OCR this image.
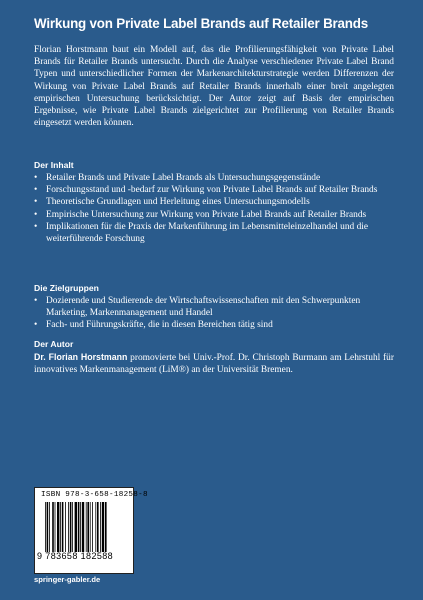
Wirkung von Private Label Brands auf Retailer Brands

Florian Horstmann baut ein Modell auf, das die Profilierungsfähigkeit von Private Label Brands für Retailer Brands untersucht. Durch die Analyse verschiedener Private Label Brand Typen und unterschiedlicher Formen der Markenarchitekturstrategie werden Differenzen der Wirkung von Private Label Brands auf Retailer Brands innerhalb einer breit angelegten empirischen Untersuchung berücksichtigt. Der Autor zeigt auf Basis der empirischen Ergebnisse, wie Private Label Brands zielgerichtet zur Profilierung von Retailer Brands eingesetzt werden können.

Der Inhalt
• Retailer Brands und Private Label Brands als Untersuchungsgegenstände
• Forschungsstand und -bedarf zur Wirkung von Private Label Brands auf Retailer Brands
• Theoretische Grundlagen und Herleitung eines Untersuchungsmodells
• Empirische Untersuchung zur Wirkung von Private Label Brands auf Retailer Brands
• Implikationen für die Praxis der Markenführung im Lebensmitteleinzelhandel und die weiterführende Forschung
Die Zielgruppen
• Dozierende und Studierende der Wirtschaftswissenschaften mit den Schwerpunkten Marketing, Markenmanagement und Handel
• Fach- und Führungskräfte, die in diesen Bereichen tätig sind
Der Autor

Dr. Florian Horstmann promovierte bei Univ.-Prof. Dr. Christoph Burmann am Lehrstuhl für innovatives Markenmanagement (LiM®) an der Universität Bremen.

ISBN 978-3-658-18258-8
9 783658 182588
springer-gabler.de
